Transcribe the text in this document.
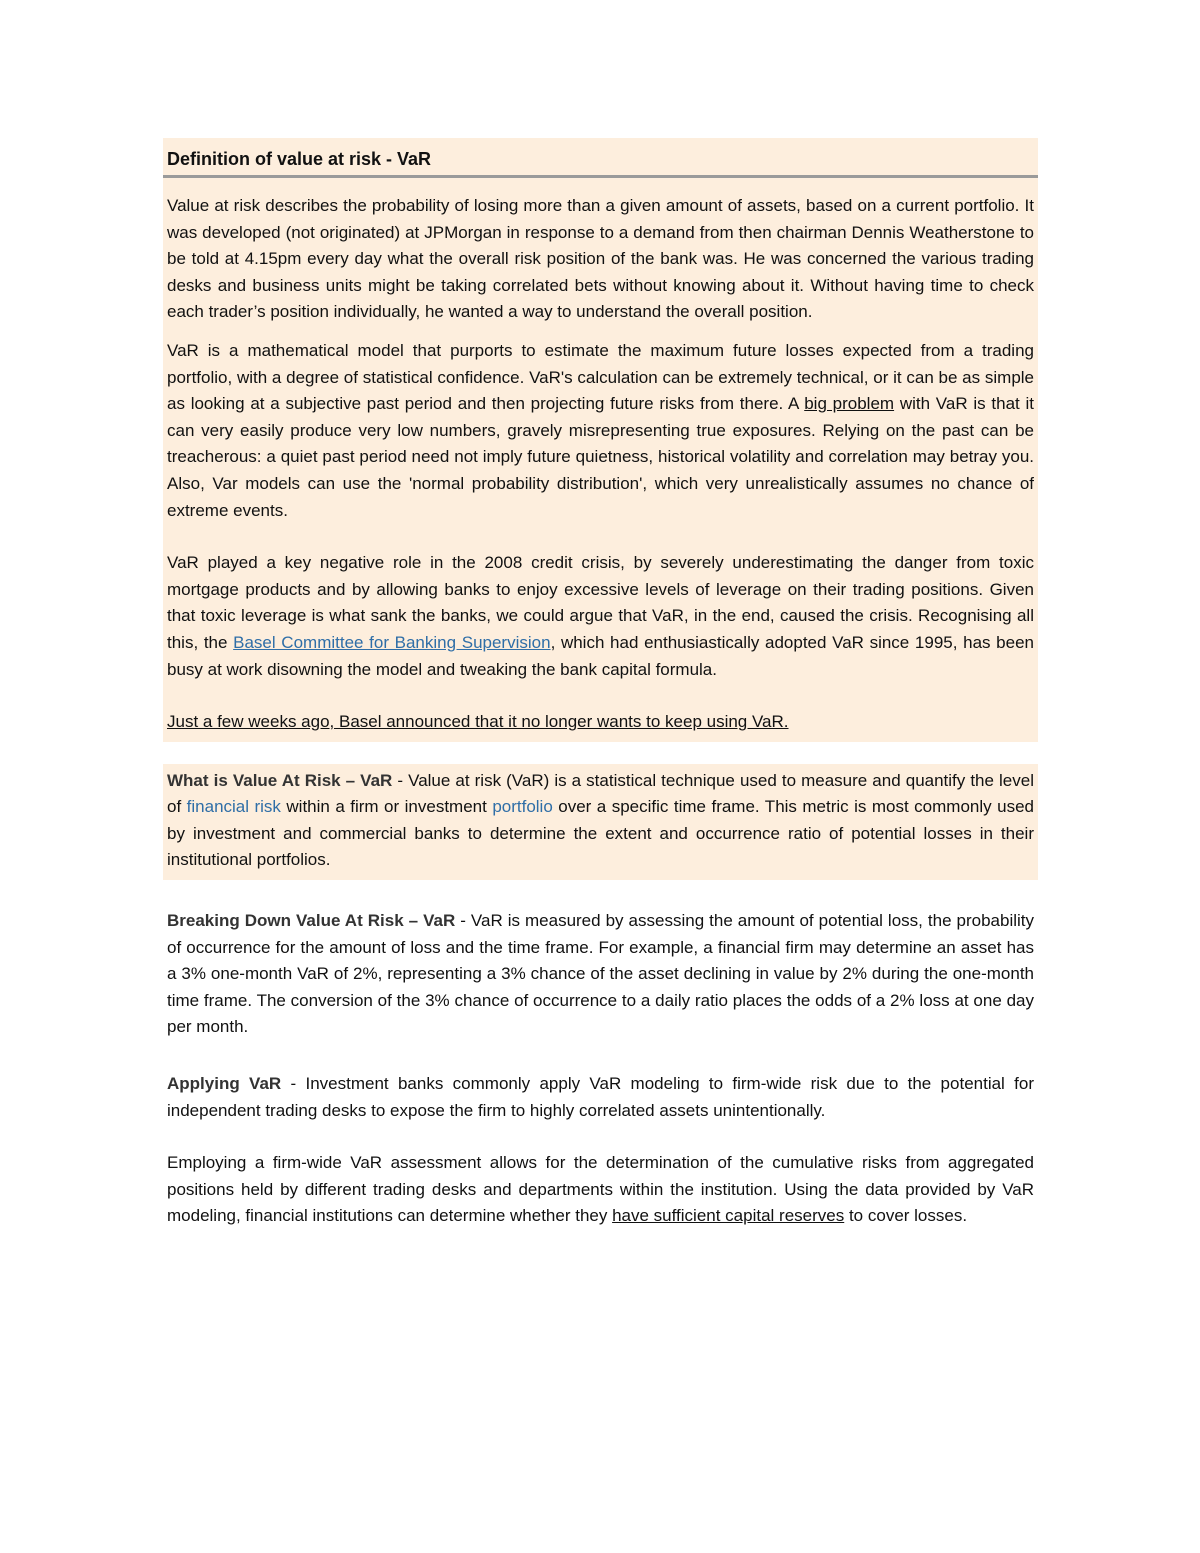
Definition of value at risk - VaR

Value at risk describes the probability of losing more than a given amount of assets, based on a current portfolio. It was developed (not originated) at JPMorgan in response to a demand from then chairman Dennis Weatherstone to be told at 4.15pm every day what the overall risk position of the bank was. He was concerned the various trading desks and business units might be taking correlated bets without knowing about it. Without having time to check each trader’s position individually, he wanted a way to understand the overall position.

VaR is a mathematical model that purports to estimate the maximum future losses expected from a trading portfolio, with a degree of statistical confidence. VaR's calculation can be extremely technical, or it can be as simple as looking at a subjective past period and then projecting future risks from there. A big problem with VaR is that it can very easily produce very low numbers, gravely misrepresenting true exposures. Relying on the past can be treacherous: a quiet past period need not imply future quietness, historical volatility and correlation may betray you. Also, Var models can use the 'normal probability distribution', which very unrealistically assumes no chance of extreme events.

VaR played a key negative role in the 2008 credit crisis, by severely underestimating the danger from toxic mortgage products and by allowing banks to enjoy excessive levels of leverage on their trading positions. Given that toxic leverage is what sank the banks, we could argue that VaR, in the end, caused the crisis. Recognising all this, the Basel Committee for Banking Supervision, which had enthusiastically adopted VaR since 1995, has been busy at work disowning the model and tweaking the bank capital formula.

Just a few weeks ago, Basel announced that it no longer wants to keep using VaR.

What is Value At Risk – VaR - Value at risk (VaR) is a statistical technique used to measure and quantify the level of financial risk within a firm or investment portfolio over a specific time frame. This metric is most commonly used by investment and commercial banks to determine the extent and occurrence ratio of potential losses in their institutional portfolios.

Breaking Down Value At Risk – VaR - VaR is measured by assessing the amount of potential loss, the probability of occurrence for the amount of loss and the time frame. For example, a financial firm may determine an asset has a 3% one-month VaR of 2%, representing a 3% chance of the asset declining in value by 2% during the one-month time frame. The conversion of the 3% chance of occurrence to a daily ratio places the odds of a 2% loss at one day per month.

Applying VaR - Investment banks commonly apply VaR modeling to firm-wide risk due to the potential for independent trading desks to expose the firm to highly correlated assets unintentionally.

Employing a firm-wide VaR assessment allows for the determination of the cumulative risks from aggregated positions held by different trading desks and departments within the institution. Using the data provided by VaR modeling, financial institutions can determine whether they have sufficient capital reserves to cover losses.
